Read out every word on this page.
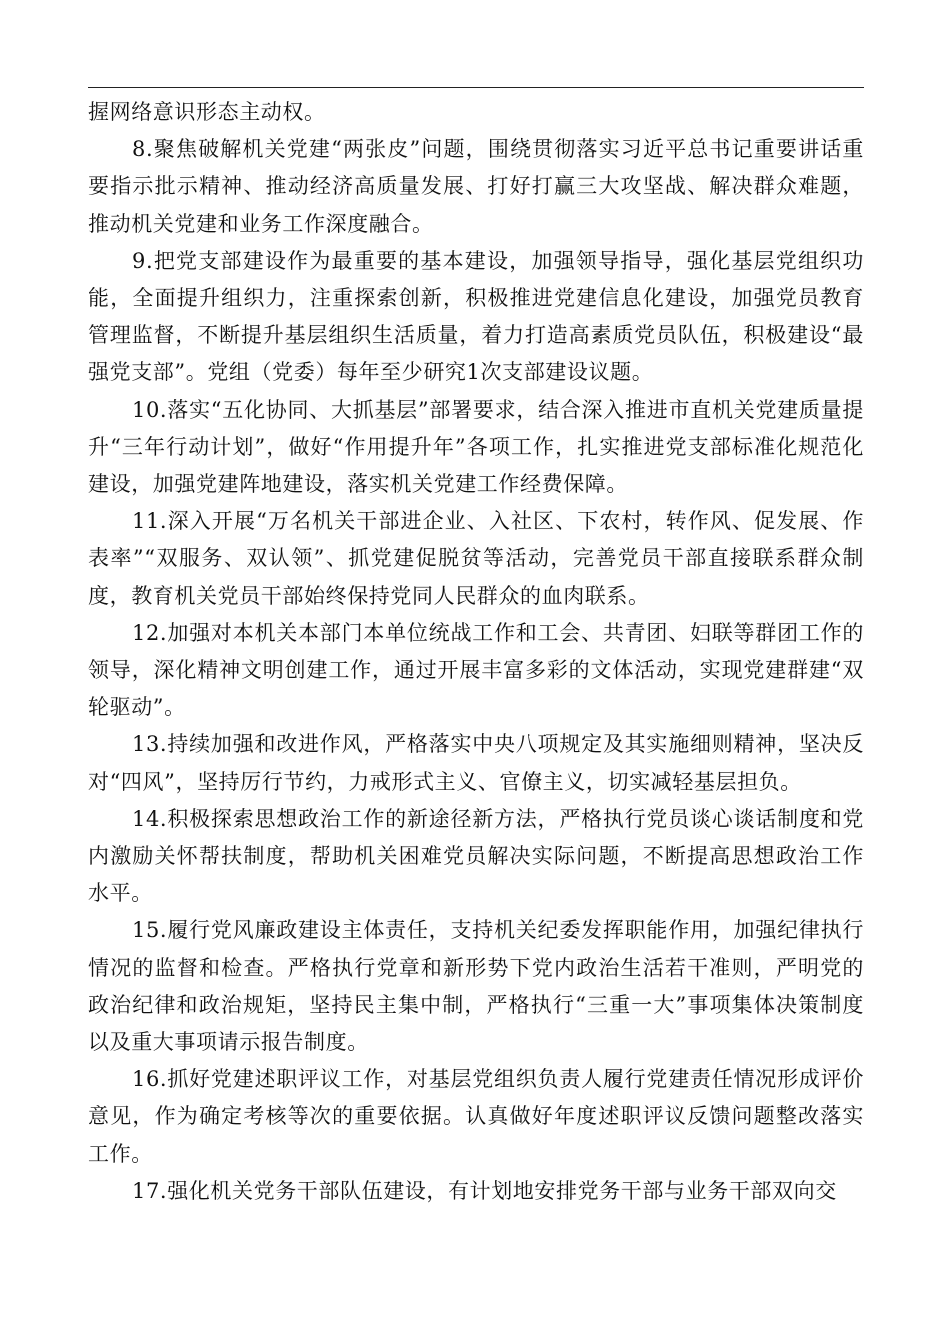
握网络意识形态主动权。

8.聚焦破解机关党建“两张皮”问题，围绕贯彻落实习近平总书记重要讲话重要指示批示精神、推动经济高质量发展、打好打赢三大攻坚战、解决群众难题，推动机关党建和业务工作深度融合。

9.把党支部建设作为最重要的基本建设，加强领导指导，强化基层党组织功能，全面提升组织力，注重探索创新，积极推进党建信息化建设，加强党员教育管理监督，不断提升基层组织生活质量，着力打造高素质党员队伍，积极建设“最强党支部”。党组（党委）每年至少研究1次支部建设议题。

10.落实“五化协同、大抓基层”部署要求，结合深入推进市直机关党建质量提升“三年行动计划”，做好“作用提升年”各项工作，扎实推进党支部标准化规范化建设，加强党建阵地建设，落实机关党建工作经费保障。

11.深入开展“万名机关干部进企业、入社区、下农村，转作风、促发展、作表率”“双服务、双认领”、抓党建促脱贫等活动，完善党员干部直接联系群众制度，教育机关党员干部始终保持党同人民群众的血肉联系。

12.加强对本机关本部门本单位统战工作和工会、共青团、妇联等群团工作的领导，深化精神文明创建工作，通过开展丰富多彩的文体活动，实现党建群建“双轮驱动”。

13.持续加强和改进作风，严格落实中央八项规定及其实施细则精神，坚决反对“四风”，坚持厉行节约，力戒形式主义、官僚主义，切实减轻基层担负。

14.积极探索思想政治工作的新途径新方法，严格执行党员谈心谈话制度和党内激励关怀帮扶制度，帮助机关困难党员解决实际问题，不断提高思想政治工作水平。

15.履行党风廉政建设主体责任，支持机关纪委发挥职能作用，加强纪律执行情况的监督和检查。严格执行党章和新形势下党内政治生活若干准则，严明党的政治纪律和政治规矩，坚持民主集中制，严格执行“三重一大”事项集体决策制度以及重大事项请示报告制度。

16.抓好党建述职评议工作，对基层党组织负责人履行党建责任情况形成评价意见，作为确定考核等次的重要依据。认真做好年度述职评议反馈问题整改落实工作。

17.强化机关党务干部队伍建设，有计划地安排党务干部与业务干部双向交
